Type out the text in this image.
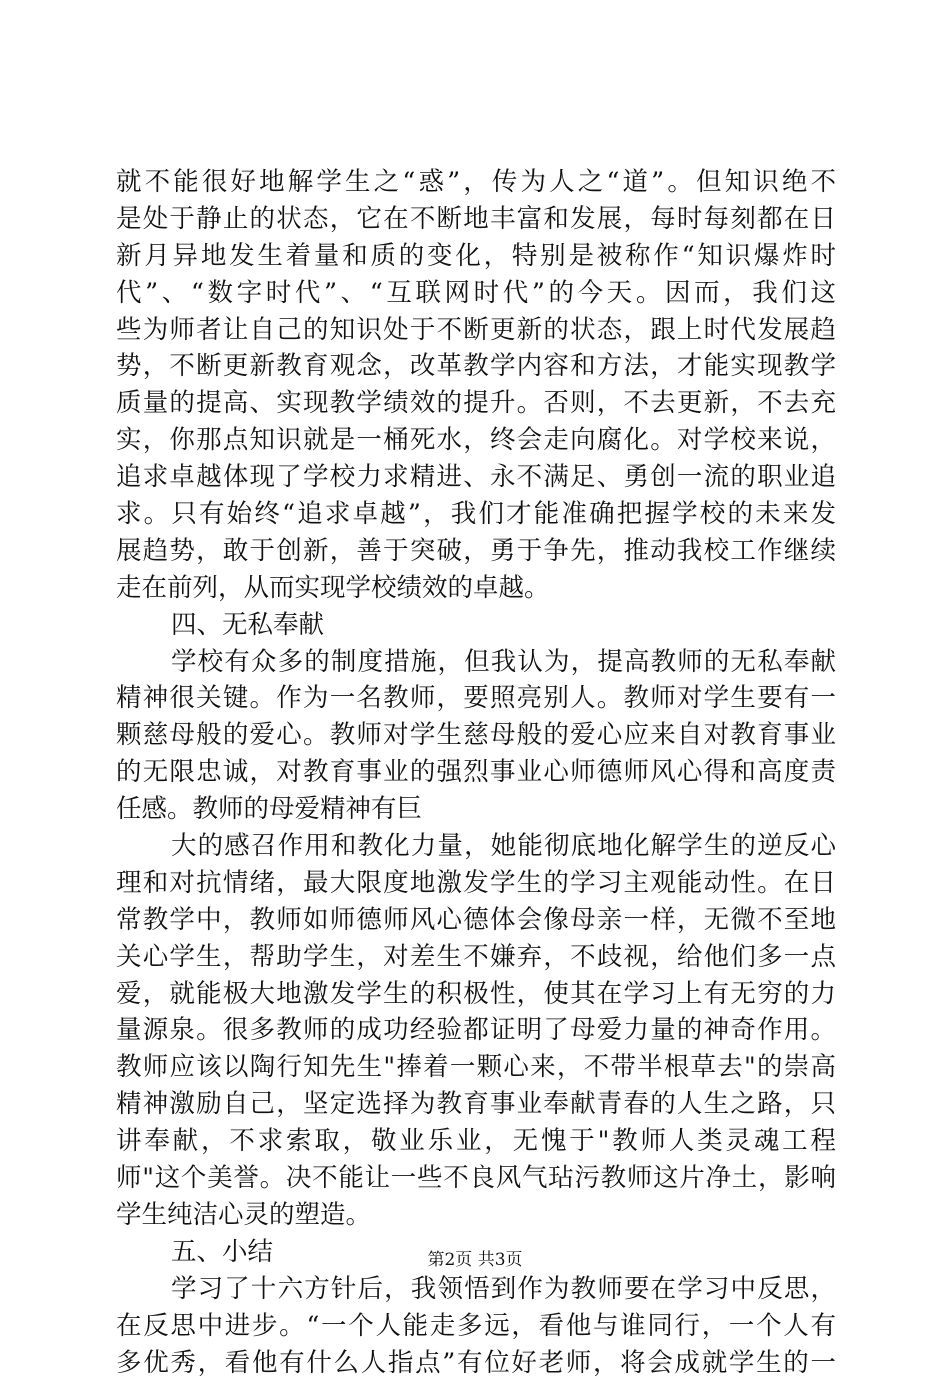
就不能很好地解学生之“惑”，传为人之“道”。但知识绝不
是处于静止的状态，它在不断地丰富和发展，每时每刻都在日
新月异地发生着量和质的变化，特别是被称作“知识爆炸时
代”、“数字时代”、“互联网时代”的今天。因而，我们这
些为师者让自己的知识处于不断更新的状态，跟上时代发展趋
势，不断更新教育观念，改革教学内容和方法，才能实现教学
质量的提高、实现教学绩效的提升。否则，不去更新，不去充
实，你那点知识就是一桶死水，终会走向腐化。对学校来说，
追求卓越体现了学校力求精进、永不满足、勇创一流的职业追
求。只有始终“追求卓越”，我们才能准确把握学校的未来发
展趋势，敢于创新，善于突破，勇于争先，推动我校工作继续
走在前列，从而实现学校绩效的卓越。
四、无私奉献
学校有众多的制度措施，但我认为，提高教师的无私奉献
精神很关键。作为一名教师，要照亮别人。教师对学生要有一
颗慈母般的爱心。教师对学生慈母般的爱心应来自对教育事业
的无限忠诚，对教育事业的强烈事业心师德师风心得和高度责
任感。教师的母爱精神有巨
大的感召作用和教化力量，她能彻底地化解学生的逆反心
理和对抗情绪，最大限度地激发学生的学习主观能动性。在日
常教学中，教师如师德师风心德体会像母亲一样，无微不至地
关心学生，帮助学生，对差生不嫌弃，不歧视，给他们多一点
爱，就能极大地激发学生的积极性，使其在学习上有无穷的力
量源泉。很多教师的成功经验都证明了母爱力量的神奇作用。
教师应该以陶行知先生"捧着一颗心来，不带半根草去"的崇高
精神激励自己，坚定选择为教育事业奉献青春的人生之路，只
讲奉献，不求索取，敬业乐业，无愧于"教师人类灵魂工程
师"这个美誉。决不能让一些不良风气玷污教师这片净土，影响
学生纯洁心灵的塑造。
五、小结
学习了十六方针后，我领悟到作为教师要在学习中反思，
在反思中进步。“一个人能走多远，看他与谁同行，一个人有
多优秀，看他有什么人指点”有位好老师，将会成就学生的一
第2页 共3页
